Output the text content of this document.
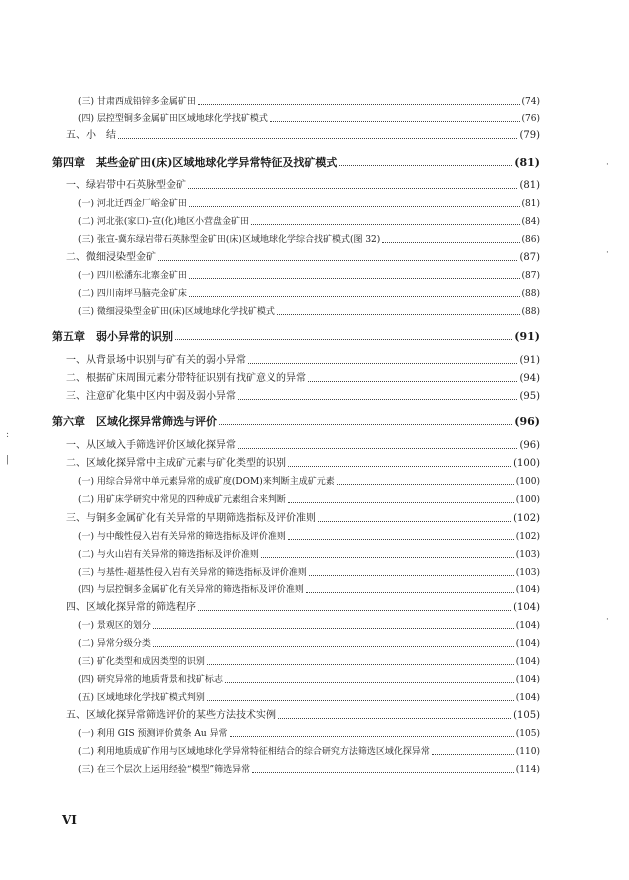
(三) 甘肃西成铅锌多金属矿田	(74)
(四) 层控型铜多金属矿田区域地球化学找矿模式	(76)
五、小　结	(79)
第四章　某些金矿田(床)区域地球化学异常特征及找矿模式	(81)
一、绿岩带中石英脉型金矿	(81)
(一) 河北迁西金厂峪金矿田	(81)
(二) 河北张(家口)-宣(化)地区小营盘金矿田	(84)
(三) 张宣-冀东绿岩带石英脉型金矿田(床)区域地球化学综合找矿模式(图 32)	(86)
二、微细浸染型金矿	(87)
(一) 四川松潘东北寨金矿田	(87)
(二) 四川南坪马脑壳金矿床	(88)
(三) 微细浸染型金矿田(床)区域地球化学找矿模式	(88)
第五章　弱小异常的识别	(91)
一、从背景场中识别与矿有关的弱小异常	(91)
二、根据矿床周围元素分带特征识别有找矿意义的异常	(94)
三、注意矿化集中区内中弱及弱小异常	(95)
第六章　区域化探异常筛选与评价	(96)
一、从区域入手筛选评价区域化探异常	(96)
二、区域化探异常中主成矿元素与矿化类型的识别	(100)
(一) 用综合异常中单元素异常的成矿度(DOM)来判断主成矿元素	(100)
(二) 用矿床学研究中常见的四种成矿元素组合来判断	(100)
三、与铜多金属矿化有关异常的早期筛选指标及评价准则	(102)
(一) 与中酸性侵入岩有关异常的筛选指标及评价准则	(102)
(二) 与火山岩有关异常的筛选指标及评价准则	(103)
(三) 与基性-超基性侵入岩有关异常的筛选指标及评价准则	(103)
(四) 与层控铜多金属矿化有关异常的筛选指标及评价准则	(104)
四、区域化探异常的筛选程序	(104)
(一) 景观区的划分	(104)
(二) 异常分级分类	(104)
(三) 矿化类型和成因类型的识别	(104)
(四) 研究异常的地质背景和找矿标志	(104)
(五) 区域地球化学找矿模式判别	(104)
五、区域化探异常筛选评价的某些方法技术实例	(105)
(一) 利用 GIS 预测评价黄条 Au 异常	(105)
(二) 利用地质成矿作用与区域地球化学异常特征相结合的综合研究方法筛选区域化探异常	(110)
(三) 在三个层次上运用经验“模型”筛选异常	(114)
VI
:
|
·
·
·
